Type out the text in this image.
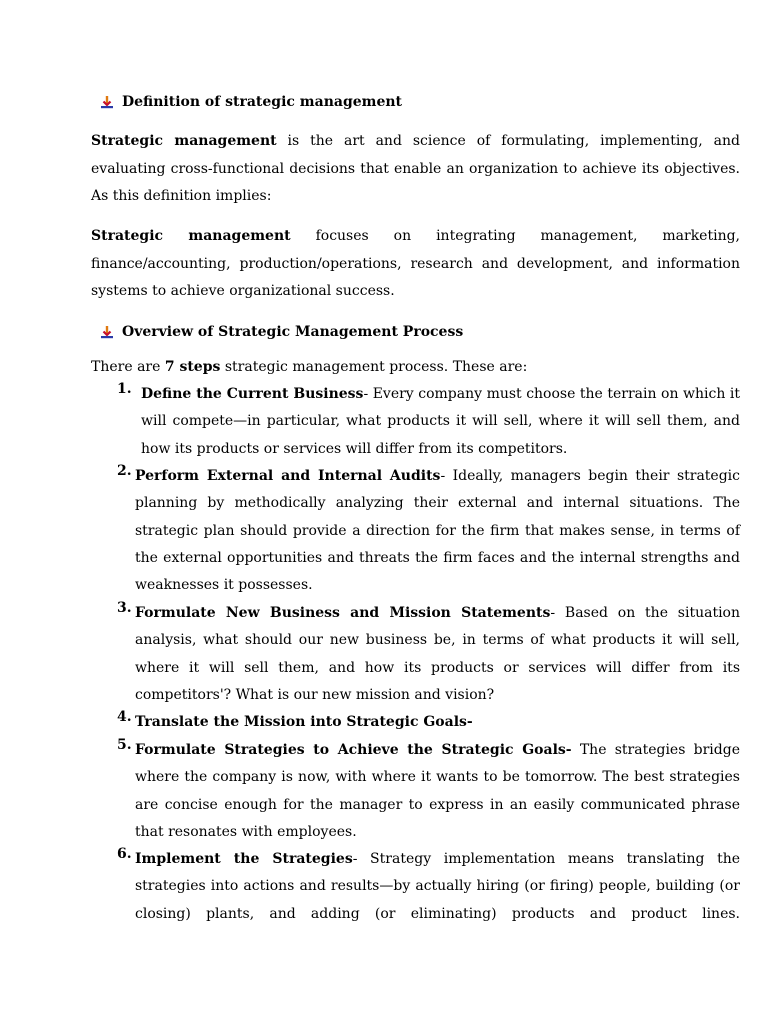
Definition of strategic management
Strategic management is the art and science of formulating, implementing, and evaluating cross-functional decisions that enable an organization to achieve its objectives. As this definition implies:
Strategic management focuses on integrating management, marketing, finance/accounting, production/operations, research and development, and information systems to achieve organizational success.
Overview of Strategic Management Process
There are 7 steps strategic management process. These are:
1. Define the Current Business- Every company must choose the terrain on which it will compete—in particular, what products it will sell, where it will sell them, and how its products or services will differ from its competitors.
2. Perform External and Internal Audits- Ideally, managers begin their strategic planning by methodically analyzing their external and internal situations. The strategic plan should provide a direction for the firm that makes sense, in terms of the external opportunities and threats the firm faces and the internal strengths and weaknesses it possesses.
3. Formulate New Business and Mission Statements- Based on the situation analysis, what should our new business be, in terms of what products it will sell, where it will sell them, and how its products or services will differ from its competitors'? What is our new mission and vision?
4. Translate the Mission into Strategic Goals-
5. Formulate Strategies to Achieve the Strategic Goals- The strategies bridge where the company is now, with where it wants to be tomorrow. The best strategies are concise enough for the manager to express in an easily communicated phrase that resonates with employees.
6. Implement the Strategies- Strategy implementation means translating the strategies into actions and results—by actually hiring (or firing) people, building (or closing) plants, and adding (or eliminating) products and product lines.
